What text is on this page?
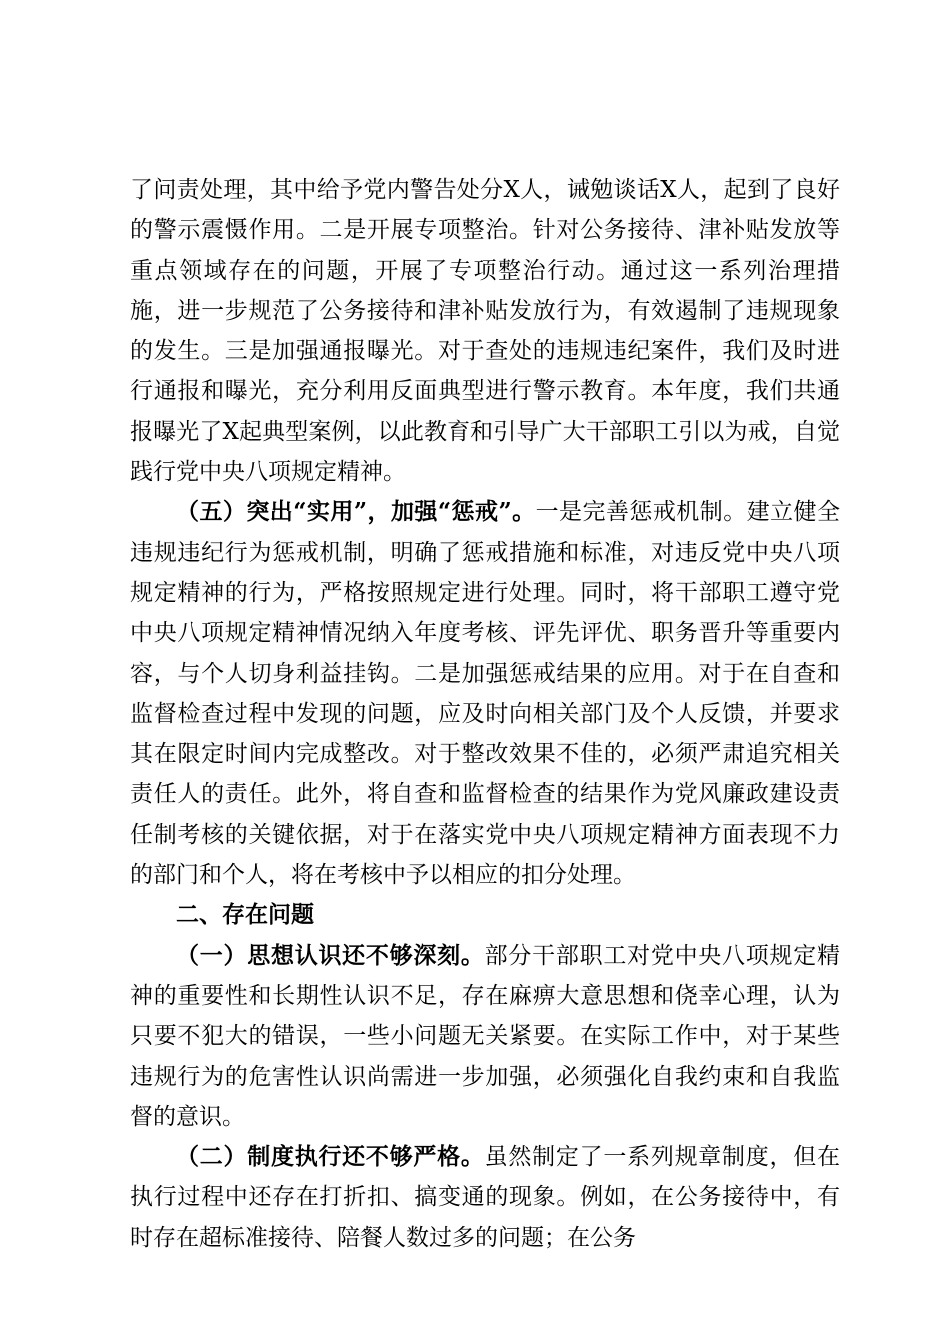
了问责处理，其中给予党内警告处分X人，诫勉谈话X人，起到了良好的警示震慑作用。二是开展专项整治。针对公务接待、津补贴发放等重点领域存在的问题，开展了专项整治行动。通过这一系列治理措施，进一步规范了公务接待和津补贴发放行为，有效遏制了违规现象的发生。三是加强通报曝光。对于查处的违规违纪案件，我们及时进行通报和曝光，充分利用反面典型进行警示教育。本年度，我们共通报曝光了X起典型案例，以此教育和引导广大干部职工引以为戒，自觉践行党中央八项规定精神。

（五）突出“实用”，加强“惩戒”。一是完善惩戒机制。建立健全违规违纪行为惩戒机制，明确了惩戒措施和标准，对违反党中央八项规定精神的行为，严格按照规定进行处理。同时，将干部职工遵守党中央八项规定精神情况纳入年度考核、评先评优、职务晋升等重要内容，与个人切身利益挂钩。二是加强惩戒结果的应用。对于在自查和监督检查过程中发现的问题，应及时向相关部门及个人反馈，并要求其在限定时间内完成整改。对于整改效果不佳的，必须严肃追究相关责任人的责任。此外，将自查和监督检查的结果作为党风廉政建设责任制考核的关键依据，对于在落实党中央八项规定精神方面表现不力的部门和个人，将在考核中予以相应的扣分处理。

二、存在问题

（一）思想认识还不够深刻。部分干部职工对党中央八项规定精神的重要性和长期性认识不足，存在麻痹大意思想和侥幸心理，认为只要不犯大的错误，一些小问题无关紧要。在实际工作中，对于某些违规行为的危害性认识尚需进一步加强，必须强化自我约束和自我监督的意识。

（二）制度执行还不够严格。虽然制定了一系列规章制度，但在执行过程中还存在打折扣、搞变通的现象。例如，在公务接待中，有时存在超标准接待、陪餐人数过多的问题；在公务
